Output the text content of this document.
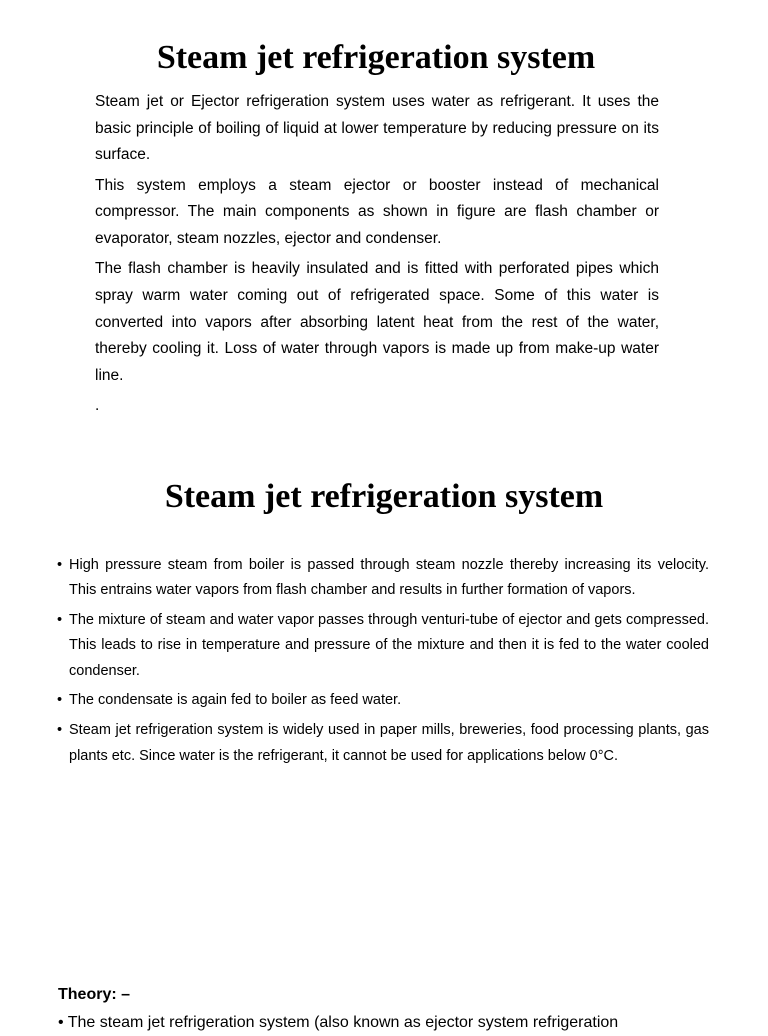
Steam jet refrigeration system

Steam jet or Ejector refrigeration system uses water as refrigerant. It uses the basic principle of boiling of liquid at lower temperature by reducing pressure on its surface.

This system employs a steam ejector or booster instead of mechanical compressor. The main components as shown in figure are flash chamber or evaporator, steam nozzles, ejector and condenser.

The flash chamber is heavily insulated and is fitted with perforated pipes which spray warm water coming out of refrigerated space. Some of this water is converted into vapors after absorbing latent heat from the rest of the water, thereby cooling it. Loss of water through vapors is made up from make-up water line.

.

Steam jet refrigeration system
• High pressure steam from boiler is passed through steam nozzle thereby increasing its velocity. This entrains water vapors from flash chamber and results in further formation of vapors.
• The mixture of steam and water vapor passes through venturi-tube of ejector and gets compressed. This leads to rise in temperature and pressure of the mixture and then it is fed to the water cooled condenser.
• The condensate is again fed to boiler as feed water.
• Steam jet refrigeration system is widely used in paper mills, breweries, food processing plants, gas plants etc. Since water is the refrigerant, it cannot be used for applications below 0°C.
Theory: –
• The steam jet refrigeration system (also known as ejector system refrigeration
